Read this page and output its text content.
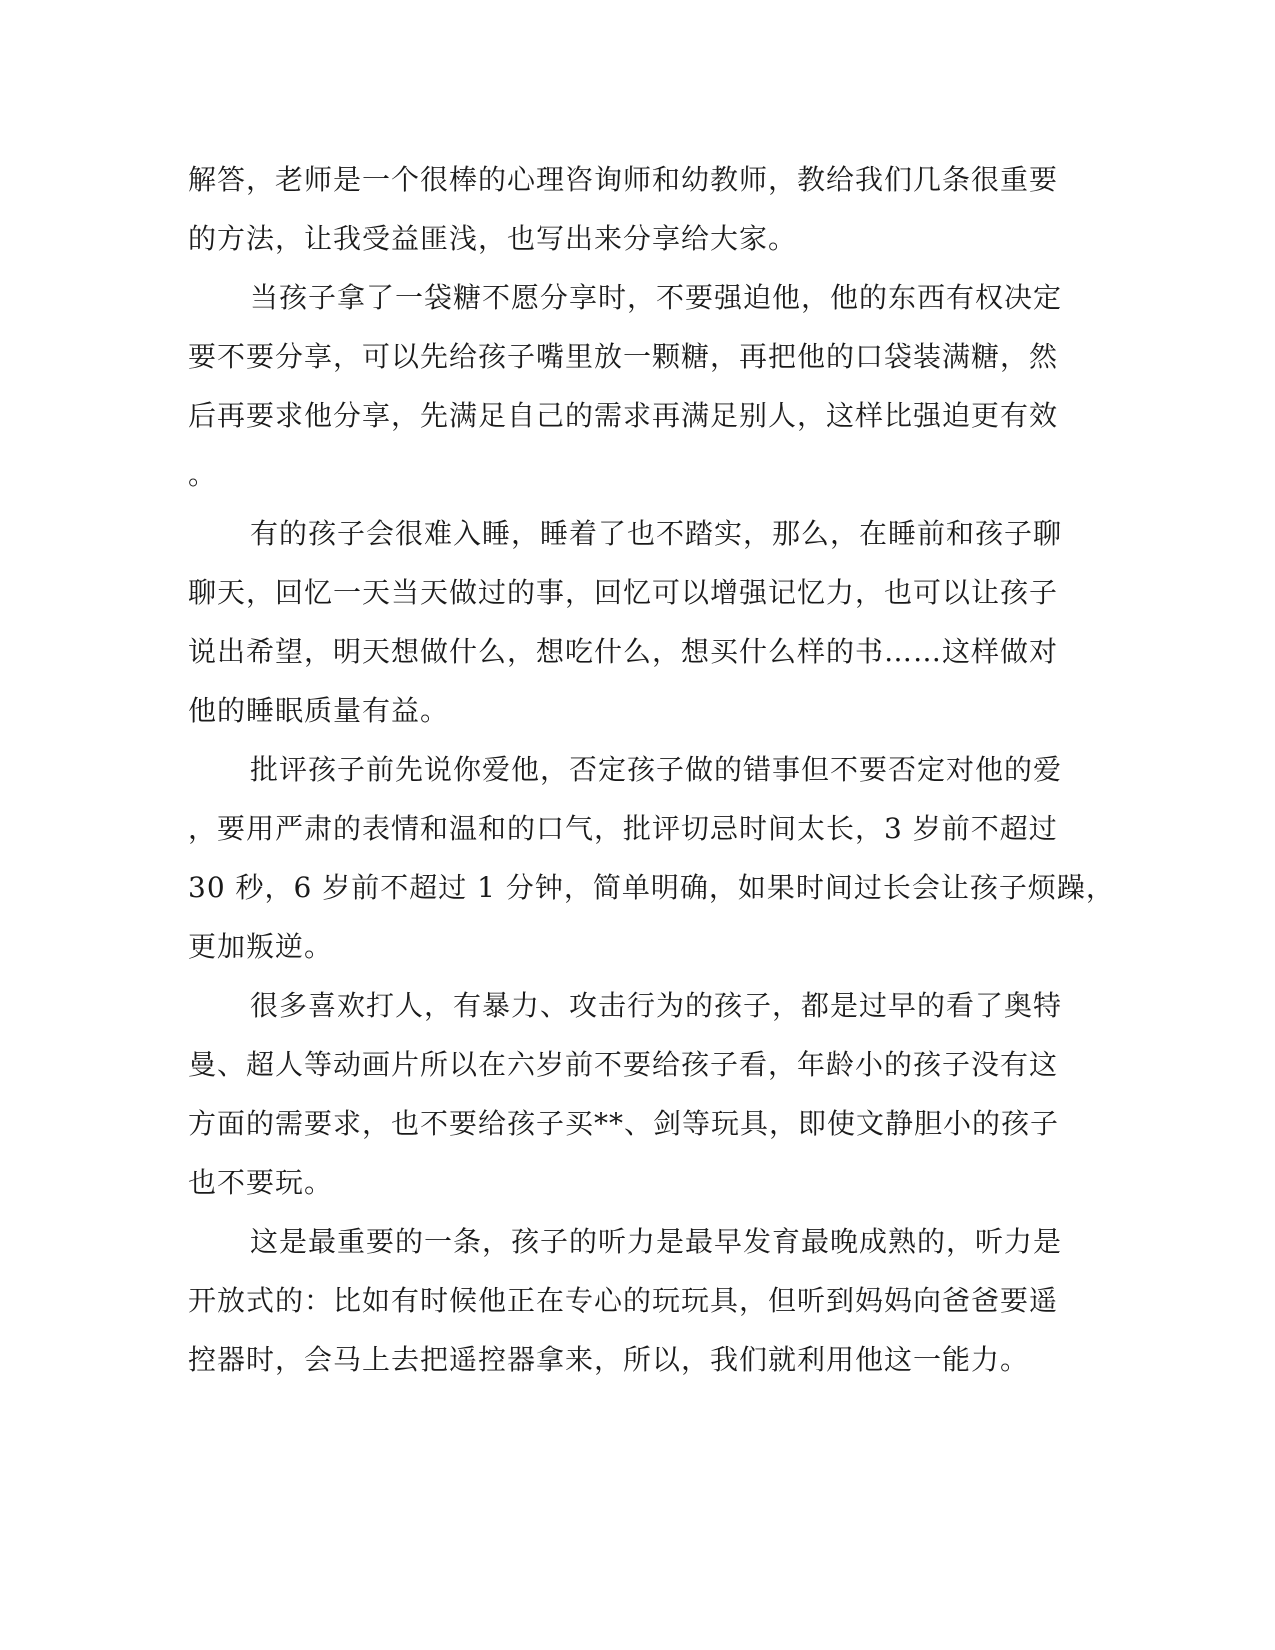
解答，老师是一个很棒的心理咨询师和幼教师，教给我们几条很重要
的方法，让我受益匪浅，也写出来分享给大家。
当孩子拿了一袋糖不愿分享时，不要强迫他，他的东西有权决定
要不要分享，可以先给孩子嘴里放一颗糖，再把他的口袋装满糖，然
后再要求他分享，先满足自己的需求再满足别人，这样比强迫更有效
。
有的孩子会很难入睡，睡着了也不踏实，那么，在睡前和孩子聊
聊天，回忆一天当天做过的事，回忆可以增强记忆力，也可以让孩子
说出希望，明天想做什么，想吃什么，想买什么样的书……这样做对
他的睡眠质量有益。
批评孩子前先说你爱他，否定孩子做的错事但不要否定对他的爱
，要用严肃的表情和温和的口气，批评切忌时间太长，3 岁前不超过
30 秒，6 岁前不超过 1 分钟，简单明确，如果时间过长会让孩子烦躁，
更加叛逆。
很多喜欢打人，有暴力、攻击行为的孩子，都是过早的看了奥特
曼、超人等动画片所以在六岁前不要给孩子看，年龄小的孩子没有这
方面的需要求，也不要给孩子买**、剑等玩具，即使文静胆小的孩子
也不要玩。
这是最重要的一条，孩子的听力是最早发育最晚成熟的，听力是
开放式的：比如有时候他正在专心的玩玩具，但听到妈妈向爸爸要遥
控器时，会马上去把遥控器拿来，所以，我们就利用他这一能力。
